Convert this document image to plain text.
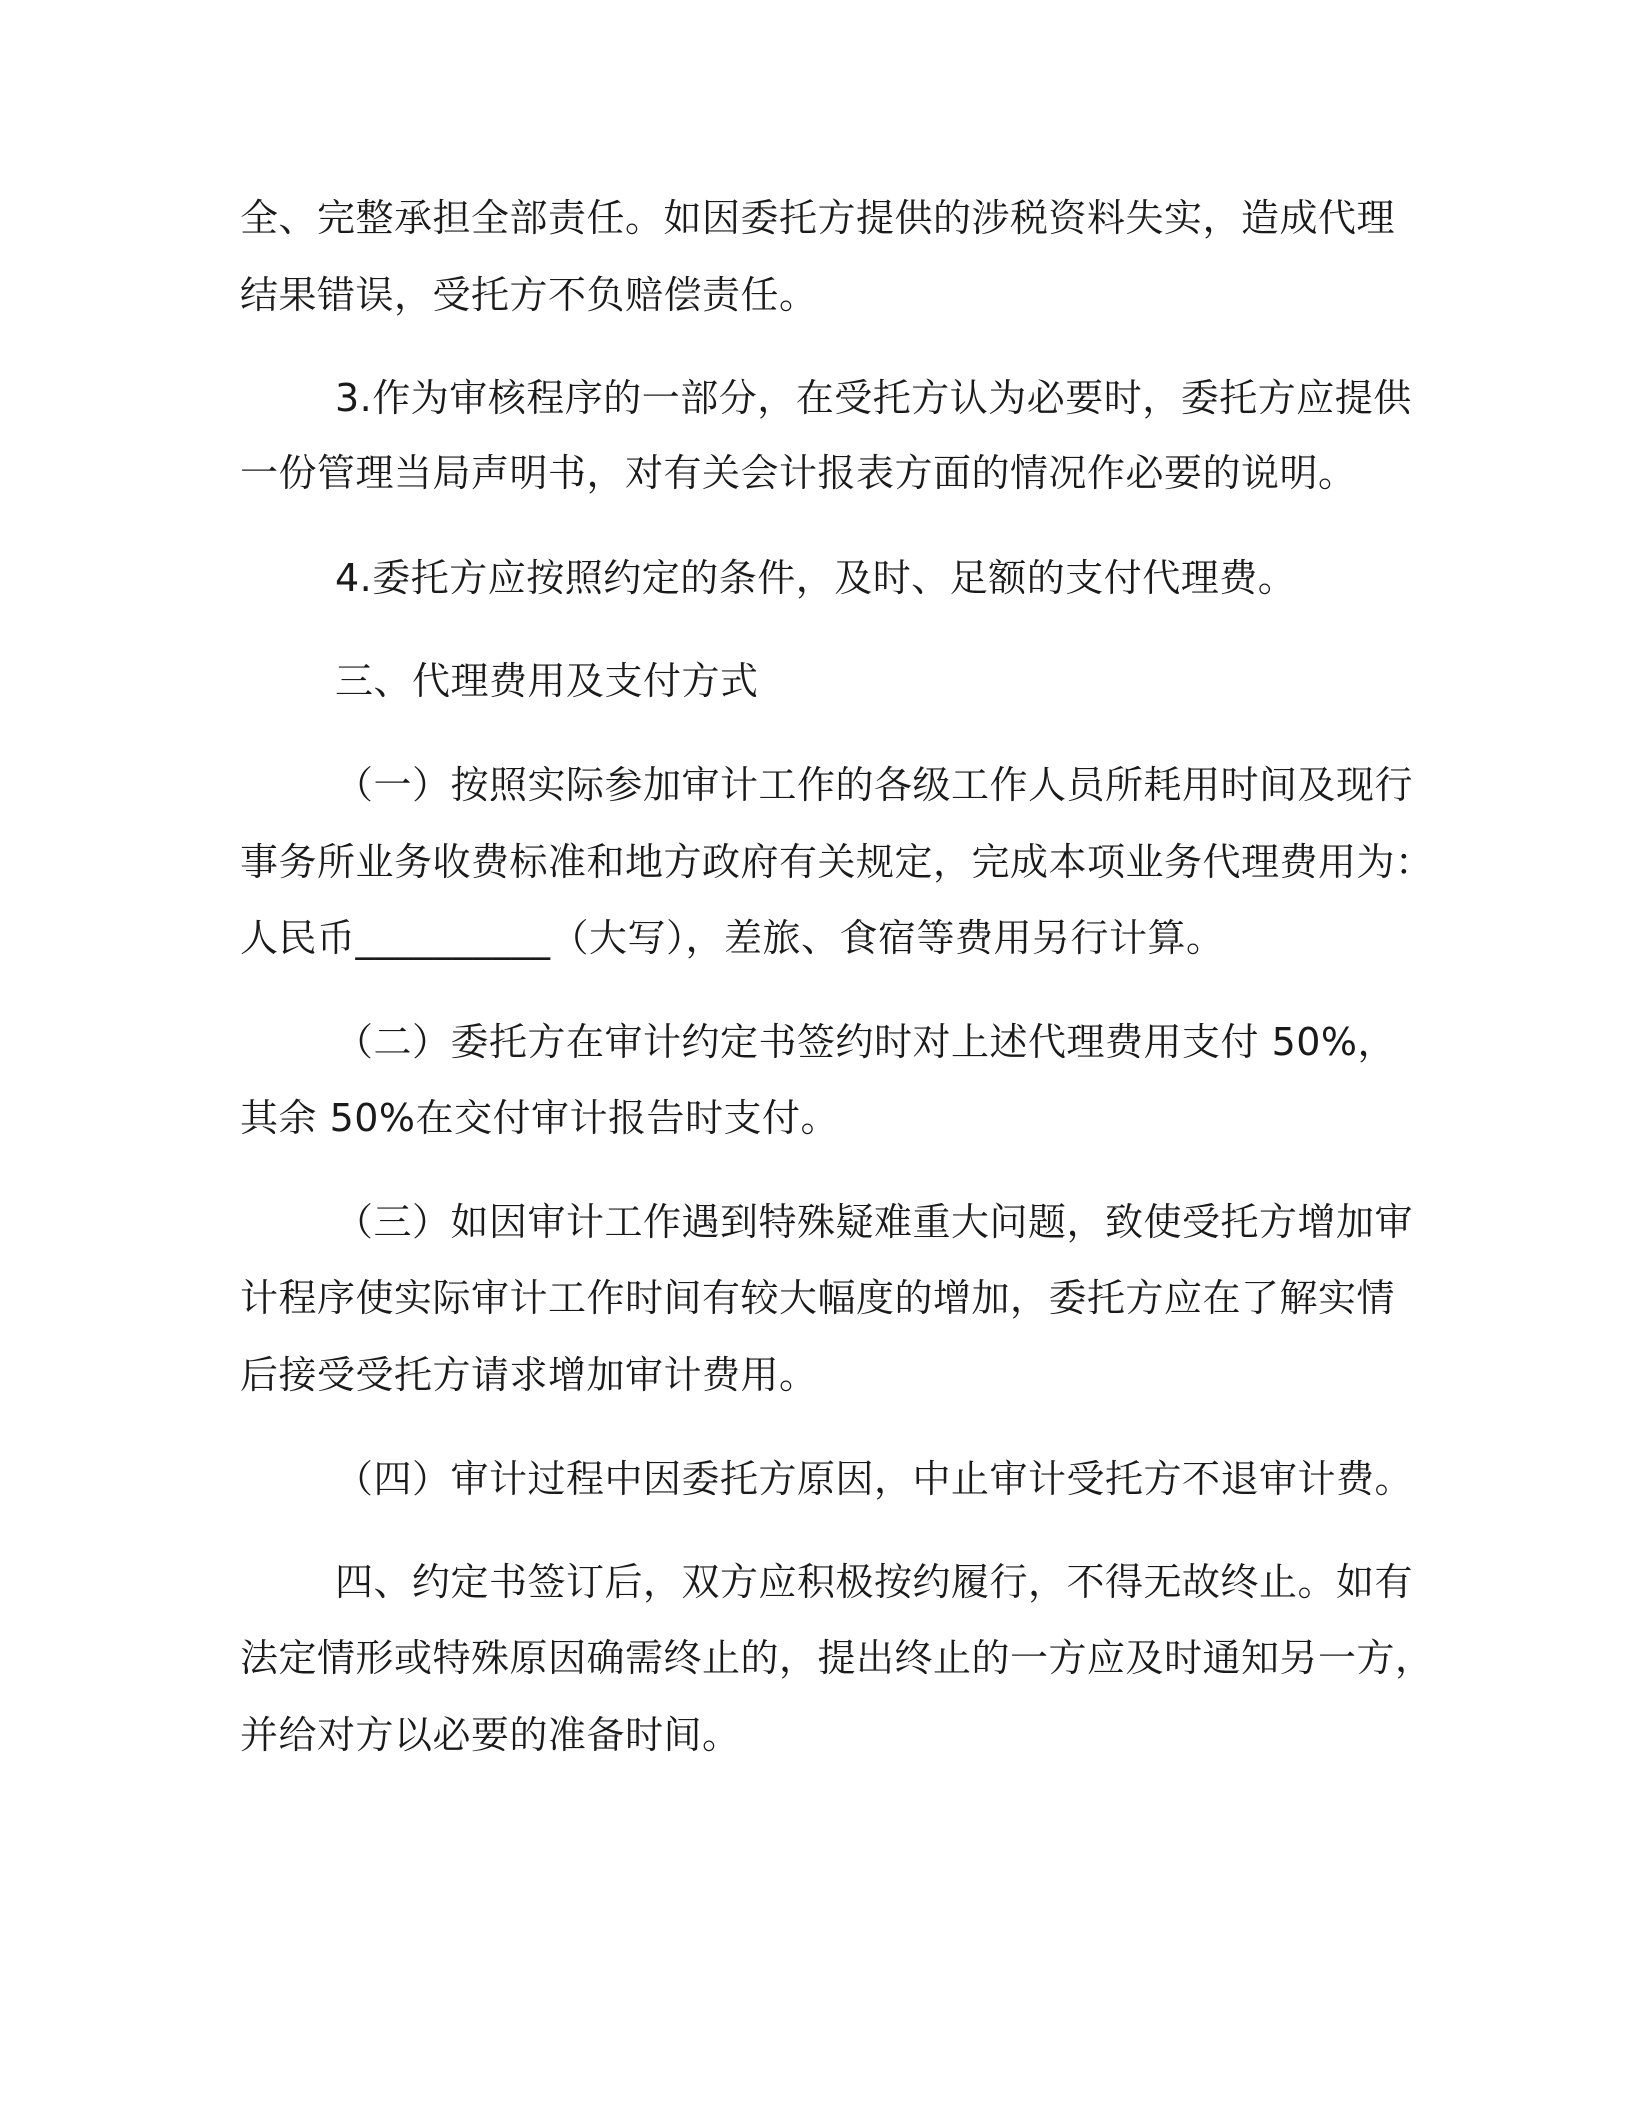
全、完整承担全部责任。如因委托方提供的涉税资料失实，造成代理
结果错误，受托方不负赔偿责任。
3.作为审核程序的一部分，在受托方认为必要时，委托方应提供
一份管理当局声明书，对有关会计报表方面的情况作必要的说明。
4.委托方应按照约定的条件，及时、足额的支付代理费。
三、代理费用及支付方式
（一）按照实际参加审计工作的各级工作人员所耗用时间及现行
事务所业务收费标准和地方政府有关规定，完成本项业务代理费用为：
人民币__________（大写），差旅、食宿等费用另行计算。
（二）委托方在审计约定书签约时对上述代理费用支付 50%，
其余 50%在交付审计报告时支付。
（三）如因审计工作遇到特殊疑难重大问题，致使受托方增加审
计程序使实际审计工作时间有较大幅度的增加，委托方应在了解实情
后接受受托方请求增加审计费用。
（四）审计过程中因委托方原因，中止审计受托方不退审计费。
四、约定书签订后，双方应积极按约履行，不得无故终止。如有
法定情形或特殊原因确需终止的，提出终止的一方应及时通知另一方，
并给对方以必要的准备时间。
